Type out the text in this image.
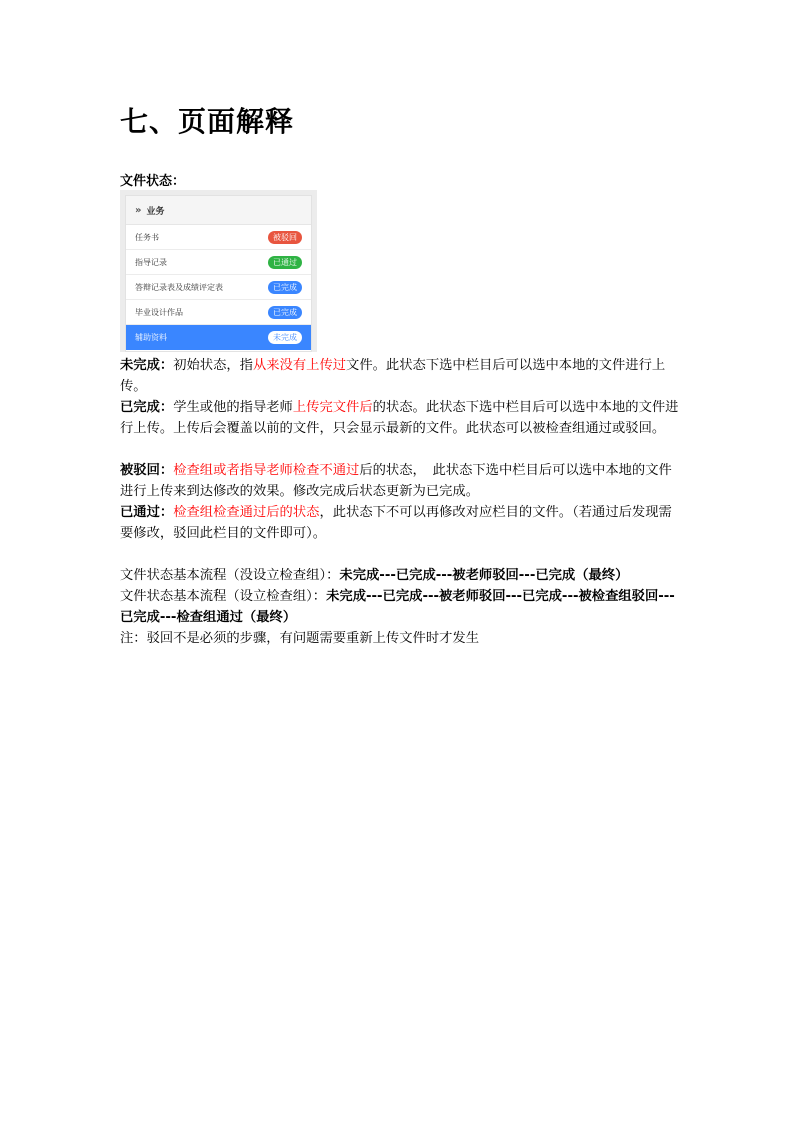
七、页面解释
文件状态：
» 业务
任务书	被驳回
指导记录	已通过
答辩记录表及成绩评定表	已完成
毕业设计作品	已完成
辅助资料	未完成

未完成：初始状态，指从来没有上传过文件。此状态下选中栏目后可以选中本地的文件进行上传。

已完成：学生或他的指导老师上传完文件后的状态。此状态下选中栏目后可以选中本地的文件进行上传。上传后会覆盖以前的文件，只会显示最新的文件。此状态可以被检查组通过或驳回。

被驳回：检查组或者指导老师检查不通过后的状态，　此状态下选中栏目后可以选中本地的文件进行上传来到达修改的效果。修改完成后状态更新为已完成。

已通过：检查组检查通过后的状态，此状态下不可以再修改对应栏目的文件。（若通过后发现需要修改，驳回此栏目的文件即可）。

文件状态基本流程（没设立检查组）：未完成---已完成---被老师驳回---已完成（最终）

文件状态基本流程（设立检查组）：未完成---已完成---被老师驳回---已完成---被检查组驳回---已完成---检查组通过（最终）

注：驳回不是必须的步骤，有问题需要重新上传文件时才发生
